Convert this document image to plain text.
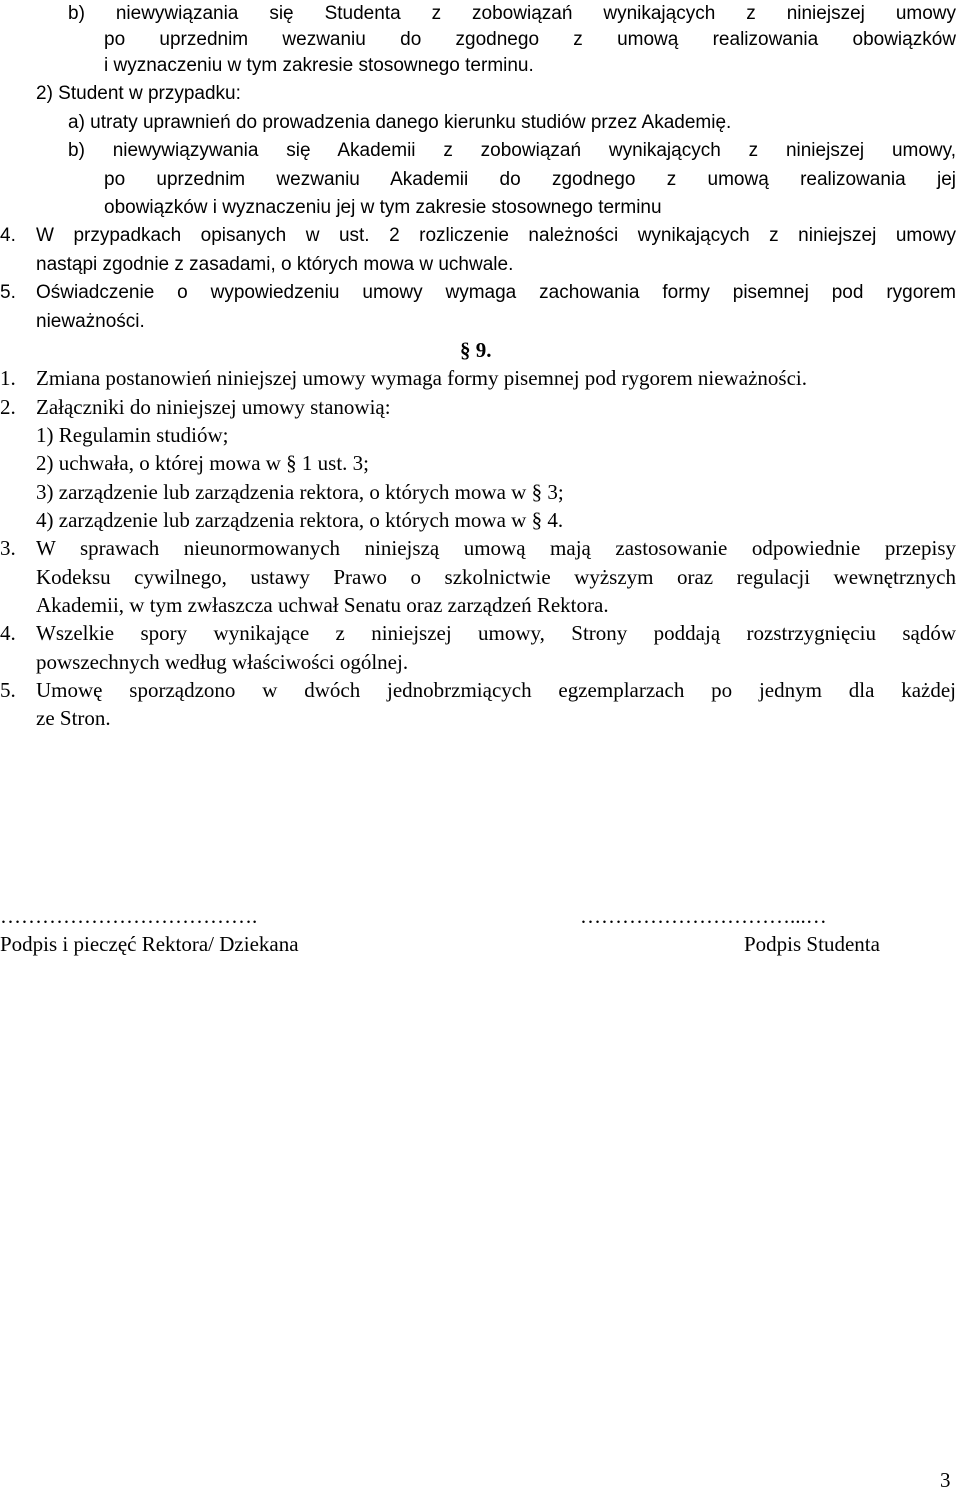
b) niewywiązania się Studenta z zobowiązań wynikających z niniejszej umowy
po uprzednim wezwaniu do zgodnego z umową realizowania obowiązków
i wyznaczeniu w tym zakresie stosownego terminu.
2) Student w przypadku:
a) utraty uprawnień do prowadzenia danego kierunku studiów przez Akademię.
b) niewywiązywania się Akademii z zobowiązań wynikających z niniejszej umowy,
po uprzednim wezwaniu Akademii do zgodnego z umową realizowania jej
obowiązków i wyznaczeniu jej w tym zakresie stosownego terminu
4. W przypadkach opisanych w ust. 2 rozliczenie należności wynikających z niniejszej umowy
nastąpi zgodnie z zasadami, o których mowa w uchwale.
5. Oświadczenie o wypowiedzeniu umowy wymaga zachowania formy pisemnej pod rygorem
nieważności.
§ 9.
1. Zmiana postanowień niniejszej umowy wymaga formy pisemnej pod rygorem nieważności.
2. Załączniki do niniejszej umowy stanowią:
1) Regulamin studiów;
2) uchwała, o której mowa w § 1 ust. 3;
3) zarządzenie lub zarządzenia rektora, o których mowa w § 3;
4) zarządzenie lub zarządzenia rektora, o których mowa w § 4.
3. W sprawach nieunormowanych niniejszą umową mają zastosowanie odpowiednie przepisy
Kodeksu cywilnego, ustawy Prawo o szkolnictwie wyższym oraz regulacji wewnętrznych
Akademii, w tym zwłaszcza uchwał Senatu oraz zarządzeń Rektora.
4. Wszelkie spory wynikające z niniejszej umowy, Strony poddają rozstrzygnięciu sądów
powszechnych według właściwości ogólnej.
5. Umowę sporządzono w dwóch jednobrzmiących egzemplarzach po jednym dla każdej
ze Stron.
……………………………….
Podpis i pieczęć Rektora/ Dziekana
…………………………...…
Podpis Studenta
3
